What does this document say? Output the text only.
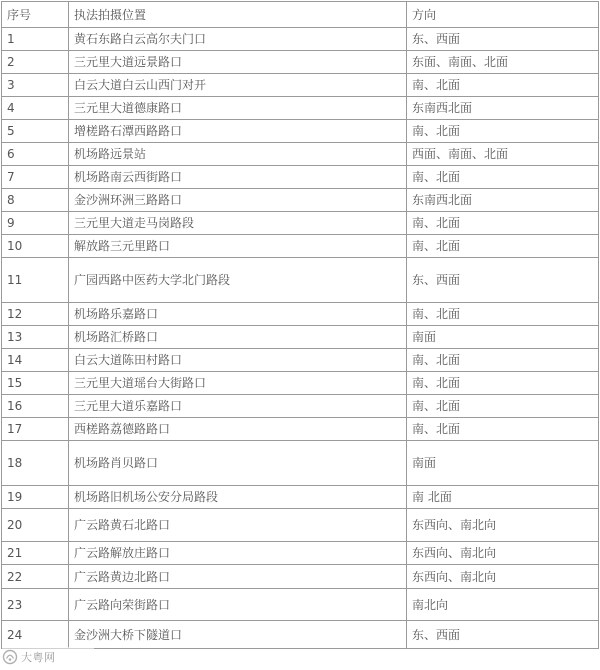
序号	执法拍摄位置	方向
1	黄石东路白云高尔夫门口	东、西面
2	三元里大道远景路口	东面、南面、北面
3	白云大道白云山西门对开	南、北面
4	三元里大道德康路口	东南西北面
5	增槎路石潭西路路口	南、北面
6	机场路远景站	西面、南面、北面
7	机场路南云西街路口	南、北面
8	金沙洲环洲三路路口	东南西北面
9	三元里大道走马岗路段	南、北面
10	解放路三元里路口	南、北面
11	广园西路中医药大学北门路段	东、西面
12	机场路乐嘉路口	南、北面
13	机场路汇桥路口	南面
14	白云大道陈田村路口	南、北面
15	三元里大道瑶台大街路口	南、北面
16	三元里大道乐嘉路口	南、北面
17	西槎路荔德路路口	南、北面
18	机场路肖贝路口	南面
19	机场路旧机场公安分局路段	南 北面
20	广云路黄石北路口	东西向、南北向
21	广云路解放庄路口	东西向、南北向
22	广云路黄边北路口	东西向、南北向
23	广云路向荣街路口	南北向
24	金沙洲大桥下隧道口	东、西面
大粤网
